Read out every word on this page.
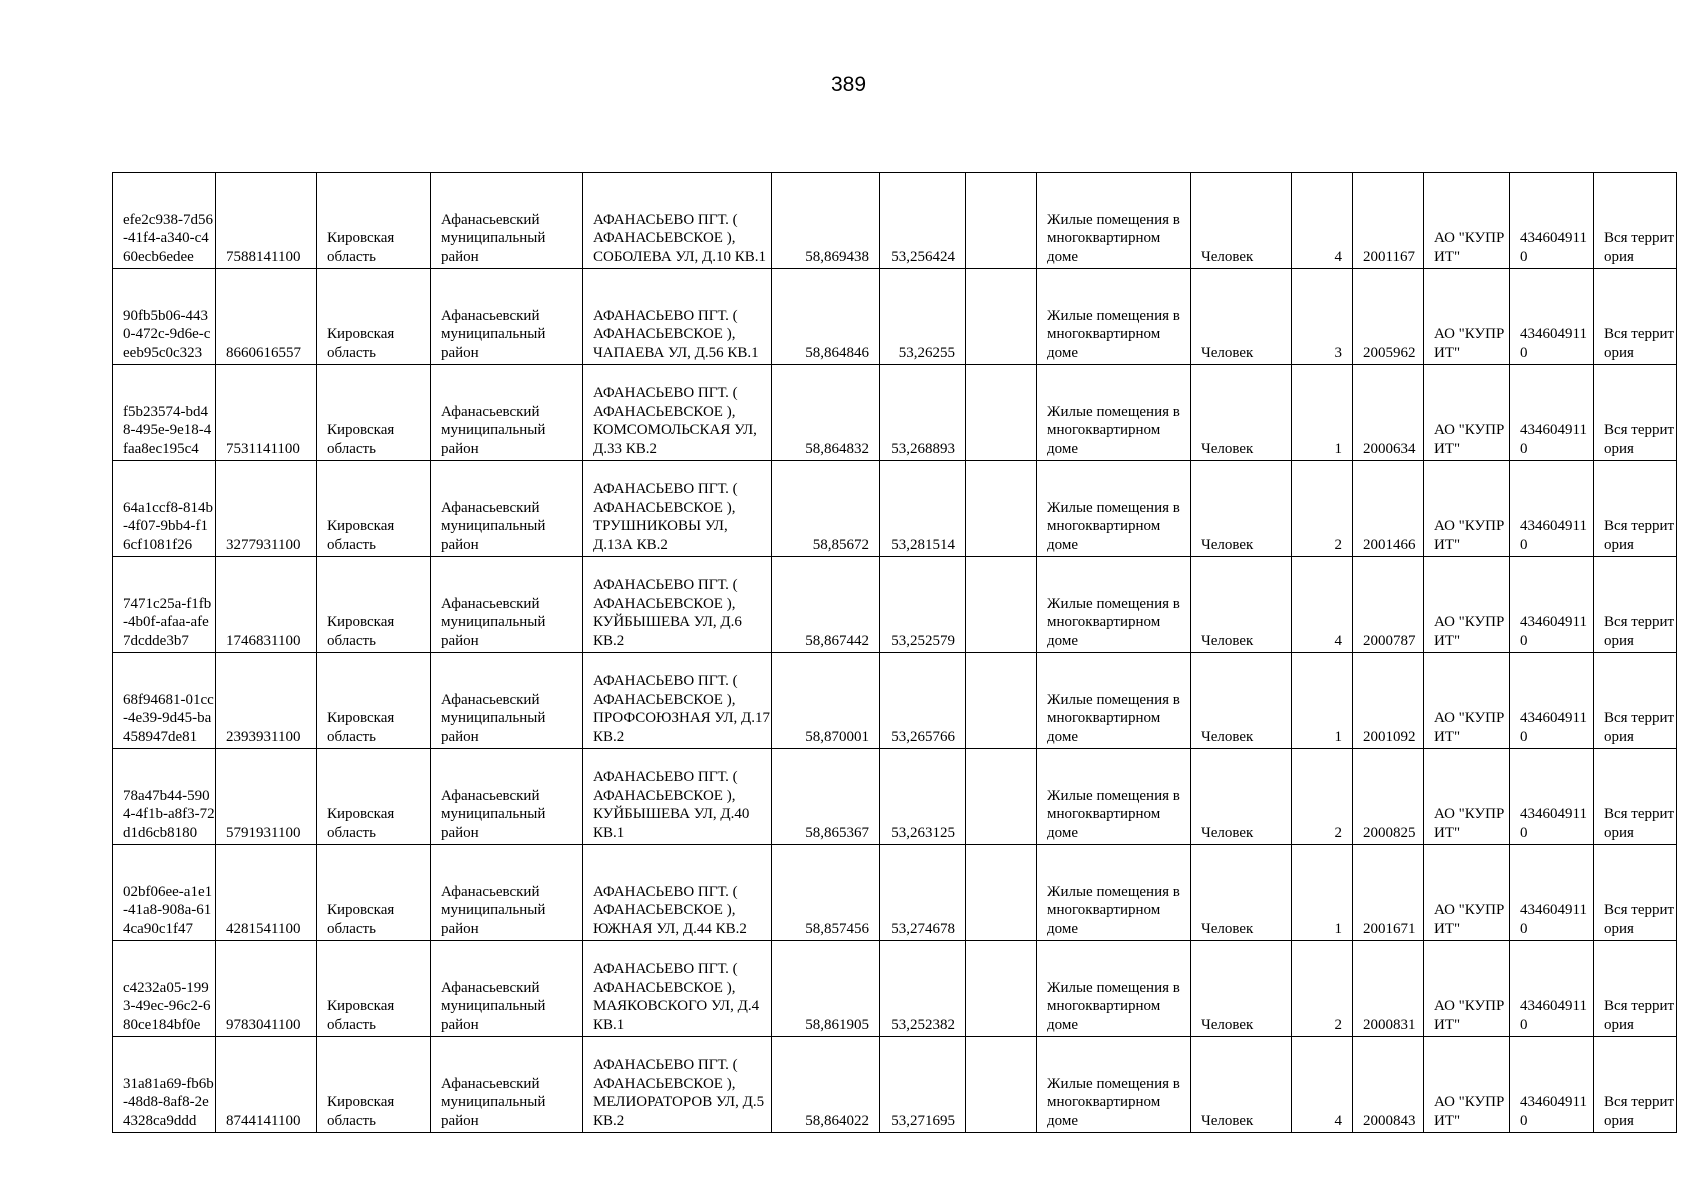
389
efe2c938-7d56-41f4-a340-c460ecb6edee	7588141100	Кировская область	Афанасьевский муниципальный район	АФАНАСЬЕВО ПГТ. ( АФАНАСЬЕВСКОЕ ), СОБОЛЕВА УЛ, Д.10 КВ.1	58,869438	53,256424		Жилые помещения в многоквартирном доме	Человек	4	2001167	АО "КУПРИТ"	4346049110	Вся территория
90fb5b06-4430-472c-9d6e-ceeb95c0c323	8660616557	Кировская область	Афанасьевский муниципальный район	АФАНАСЬЕВО ПГТ. ( АФАНАСЬЕВСКОЕ ), ЧАПАЕВА УЛ, Д.56 КВ.1	58,864846	53,26255		Жилые помещения в многоквартирном доме	Человек	3	2005962	АО "КУПРИТ"	4346049110	Вся территория
f5b23574-bd48-495e-9e18-4faa8ec195c4	7531141100	Кировская область	Афанасьевский муниципальный район	АФАНАСЬЕВО ПГТ. ( АФАНАСЬЕВСКОЕ ), КОМСОМОЛЬСКАЯ УЛ, Д.33 КВ.2	58,864832	53,268893		Жилые помещения в многоквартирном доме	Человек	1	2000634	АО "КУПРИТ"	4346049110	Вся территория
64a1ccf8-814b-4f07-9bb4-f16cf1081f26	3277931100	Кировская область	Афанасьевский муниципальный район	АФАНАСЬЕВО ПГТ. ( АФАНАСЬЕВСКОЕ ), ТРУШНИКОВЫ УЛ, Д.13А КВ.2	58,85672	53,281514		Жилые помещения в многоквартирном доме	Человек	2	2001466	АО "КУПРИТ"	4346049110	Вся территория
7471c25a-f1fb-4b0f-afaa-afe7dcdde3b7	1746831100	Кировская область	Афанасьевский муниципальный район	АФАНАСЬЕВО ПГТ. ( АФАНАСЬЕВСКОЕ ), КУЙБЫШЕВА УЛ, Д.6 КВ.2	58,867442	53,252579		Жилые помещения в многоквартирном доме	Человек	4	2000787	АО "КУПРИТ"	4346049110	Вся территория
68f94681-01cc-4e39-9d45-ba458947de81	2393931100	Кировская область	Афанасьевский муниципальный район	АФАНАСЬЕВО ПГТ. ( АФАНАСЬЕВСКОЕ ), ПРОФСОЮЗНАЯ УЛ, Д.17 КВ.2	58,870001	53,265766		Жилые помещения в многоквартирном доме	Человек	1	2001092	АО "КУПРИТ"	4346049110	Вся территория
78a47b44-5904-4f1b-a8f3-72d1d6cb8180	5791931100	Кировская область	Афанасьевский муниципальный район	АФАНАСЬЕВО ПГТ. ( АФАНАСЬЕВСКОЕ ), КУЙБЫШЕВА УЛ, Д.40 КВ.1	58,865367	53,263125		Жилые помещения в многоквартирном доме	Человек	2	2000825	АО "КУПРИТ"	4346049110	Вся территория
02bf06ee-a1e1-41a8-908a-614ca90c1f47	4281541100	Кировская область	Афанасьевский муниципальный район	АФАНАСЬЕВО ПГТ. ( АФАНАСЬЕВСКОЕ ), ЮЖНАЯ УЛ, Д.44 КВ.2	58,857456	53,274678		Жилые помещения в многоквартирном доме	Человек	1	2001671	АО "КУПРИТ"	4346049110	Вся территория
c4232a05-1993-49ec-96c2-680ce184bf0e	9783041100	Кировская область	Афанасьевский муниципальный район	АФАНАСЬЕВО ПГТ. ( АФАНАСЬЕВСКОЕ ), МАЯКОВСКОГО УЛ, Д.4 КВ.1	58,861905	53,252382		Жилые помещения в многоквартирном доме	Человек	2	2000831	АО "КУПРИТ"	4346049110	Вся территория
31a81a69-fb6b-48d8-8af8-2e4328ca9ddd	8744141100	Кировская область	Афанасьевский муниципальный район	АФАНАСЬЕВО ПГТ. ( АФАНАСЬЕВСКОЕ ), МЕЛИОРАТОРОВ УЛ, Д.5 КВ.2	58,864022	53,271695		Жилые помещения в многоквартирном доме	Человек	4	2000843	АО "КУПРИТ"	4346049110	Вся территория
